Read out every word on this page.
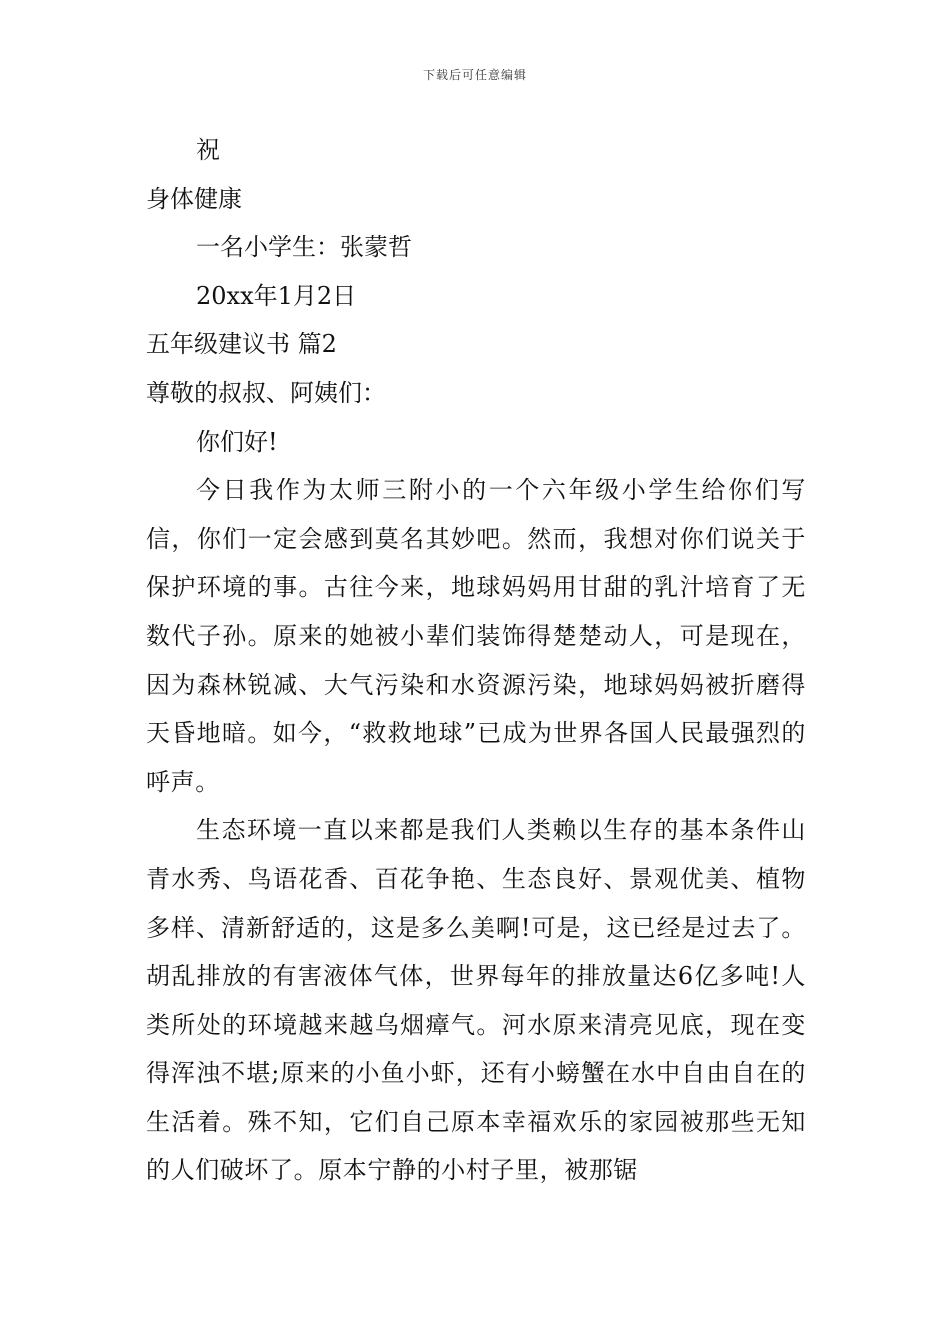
下载后可任意编辑
祝
身体健康
一名小学生：张蒙哲
20xx年1月2日
五年级建议书 篇2
尊敬的叔叔、阿姨们：
你们好!

今日我作为太师三附小的一个六年级小学生给你们写信，你们一定会感到莫名其妙吧。然而，我想对你们说关于保护环境的事。古往今来，地球妈妈用甘甜的乳汁培育了无数代子孙。原来的她被小辈们装饰得楚楚动人，可是现在，因为森林锐减、大气污染和水资源污染，地球妈妈被折磨得天昏地暗。如今，“救救地球”已成为世界各国人民最强烈的呼声。

生态环境一直以来都是我们人类赖以生存的基本条件山青水秀、鸟语花香、百花争艳、生态良好、景观优美、植物多样、清新舒适的，这是多么美啊!可是，这已经是过去了。胡乱排放的有害液体气体，世界每年的排放量达6亿多吨!人类所处的环境越来越乌烟瘴气。河水原来清亮见底，现在变得浑浊不堪;原来的小鱼小虾，还有小螃蟹在水中自由自在的生活着。殊不知，它们自己原本幸福欢乐的家园被那些无知的人们破坏了。原本宁静的小村子里，被那锯
